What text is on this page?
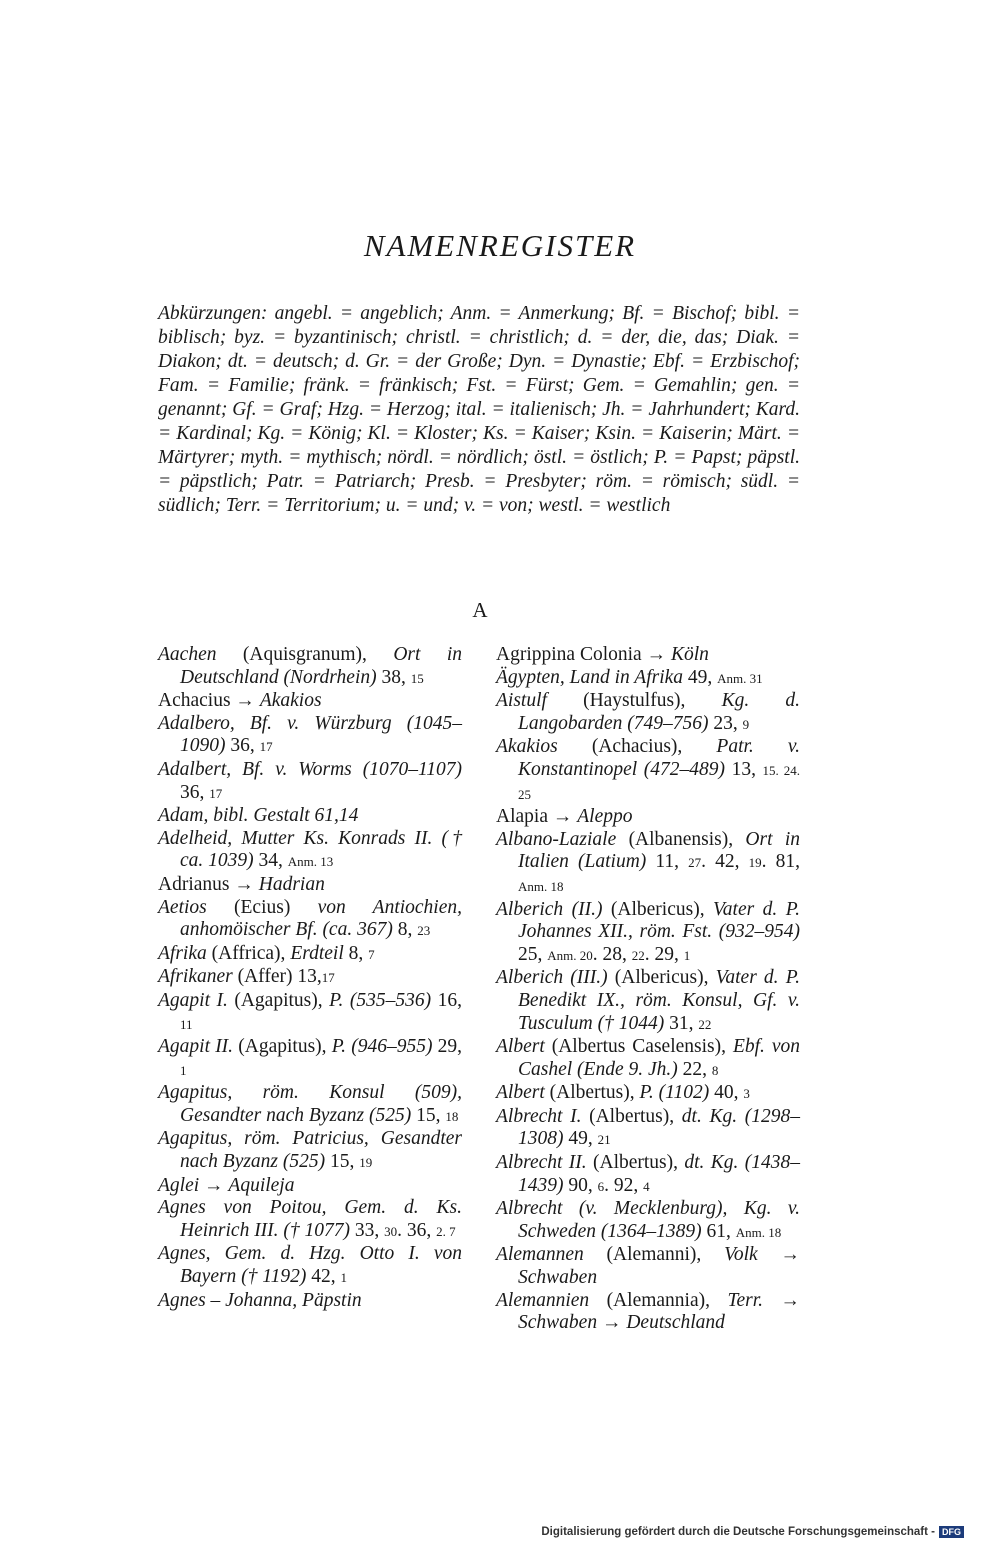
NAMENREGISTER
Abkürzungen: angebl. = angeblich; Anm. = Anmerkung; Bf. = Bischof; bibl. = biblisch; byz. = byzantinisch; christl. = christlich; d. = der, die, das; Diak. = Diakon; dt. = deutsch; d. Gr. = der Große; Dyn. = Dynastie; Ebf. = Erzbischof; Fam. = Familie; fränk. = fränkisch; Fst. = Fürst; Gem. = Gemahlin; gen. = genannt; Gf. = Graf; Hzg. = Herzog; ital. = italienisch; Jh. = Jahrhundert; Kard. = Kardinal; Kg. = König; Kl. = Kloster; Ks. = Kaiser; Ksin. = Kaiserin; Märt. = Märtyrer; myth. = mythisch; nördl. = nördlich; östl. = östlich; P. = Papst; päpstl. = päpstlich; Patr. = Patriarch; Presb. = Presbyter; röm. = römisch; südl. = südlich; Terr. = Territorium; u. = und; v. = von; westl. = westlich
A
Aachen (Aquisgranum), Ort in Deutschland (Nordrhein) 38, 15
Achacius → Akakios
Adalbero, Bf. v. Würzburg (1045–1090) 36, 17
Adalbert, Bf. v. Worms (1070–1107) 36, 17
Adam, bibl. Gestalt 61,14
Adelheid, Mutter Ks. Konrads II. († ca. 1039) 34, Anm. 13
Adrianus → Hadrian
Aetios (Ecius) von Antiochien, anhomöischer Bf. (ca. 367) 8, 23
Afrika (Affrica), Erdteil 8, 7
Afrikaner (Affer) 13,17
Agapit I. (Agapitus), P. (535–536) 16, 11
Agapit II. (Agapitus), P. (946–955) 29, 1
Agapitus, röm. Konsul (509), Gesandter nach Byzanz (525) 15, 18
Agapitus, röm. Patricius, Gesandter nach Byzanz (525) 15, 19
Aglei → Aquileja
Agnes von Poitou, Gem. d. Ks. Heinrich III. († 1077) 33, 30. 36, 2. 7
Agnes, Gem. d. Hzg. Otto I. von Bayern († 1192) 42, 1
Agnes – Johanna, Päpstin
Agrippina Colonia → Köln
Ägypten, Land in Afrika 49, Anm. 31
Aistulf (Haystulfus), Kg. d. Langobarden (749–756) 23, 9
Akakios (Achacius), Patr. v. Konstantinopel (472–489) 13, 15. 24. 25
Alapia → Aleppo
Albano-Laziale (Albanensis), Ort in Italien (Latium) 11, 27. 42, 19. 81, Anm. 18
Alberich (II.) (Albericus), Vater d. P. Johannes XII., röm. Fst. (932–954) 25, Anm. 20. 28, 22. 29, 1
Alberich (III.) (Albericus), Vater d. P. Benedikt IX., röm. Konsul, Gf. v. Tusculum († 1044) 31, 22
Albert (Albertus Caselensis), Ebf. von Cashel (Ende 9. Jh.) 22, 8
Albert (Albertus), P. (1102) 40, 3
Albrecht I. (Albertus), dt. Kg. (1298–1308) 49, 21
Albrecht II. (Albertus), dt. Kg. (1438–1439) 90, 6. 92, 4
Albrecht (v. Mecklenburg), Kg. v. Schweden (1364–1389) 61, Anm. 18
Alemannen (Alemanni), Volk → Schwaben
Alemannien (Alemannia), Terr. → Schwaben → Deutschland
Digitalisierung gefördert durch die Deutsche Forschungsgemeinschaft - DFG
